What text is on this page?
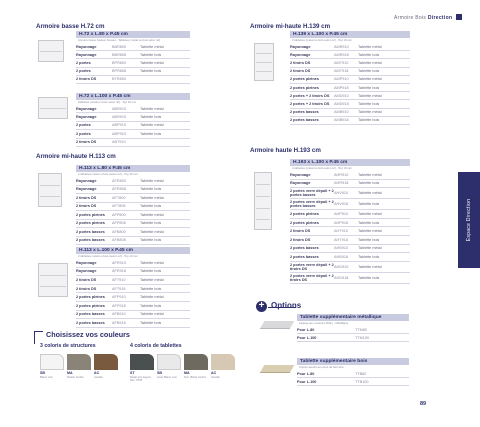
Armoire Bois Direction
Armoire basse H.72 cm
Armoire mi-haute H.113 cm
Armoire mi-haute H.139 cm
Armoire haute H.193 cm
H.72 x L.80 x P.45 cm
Armoire basse hauteur bureau - Tablettes (métal ou bois selon ref)
Rayonnage	BBR800	Tablette métal
Rayonnage	BBR808	Tablette bois
2 portes	BPR800	Tablette métal
2 portes	BPR808	Tablette bois
2 tiroirs DS	BTR800
H.72 x L.100 x P.45 cm
Tablettes (métal ou bois selon ref) - Top 19 mm
Rayonnage	ABR910	Tablette métal
Rayonnage	ABR910	Tablette bois
2 portes	ABP910	Tablette métal
2 portes	ABP910	Tablette bois
2 tiroirs DS	ABT910
H.113 x L.80 x P.45 cm
2 tablettes métal ou bois (selon ref) - Top 19 mm
Rayonnage	AFR800	Tablette métal
Rayonnage	AFR808	Tablette bois
2 tiroirs DS	AFT800	Tablette métal
2 tiroirs DS	AFT808	Tablette bois
2 portes pleines	AFP800	Tablette métal
2 portes pleines	AFP808	Tablette bois
2 portes basses	AFB800	Tablette métal
2 portes basses	AFB808	Tablette bois
H.113 x L.100 x P.45 cm
2 tablettes métal ou bois (selon ref) - Top 19 mm
Rayonnage	AFR910	Tablette métal
Rayonnage	AFR918	Tablette bois
2 tiroirs DS	AFT910	Tablette métal
2 tiroirs DS	AFT918	Tablette bois
2 portes pleines	AFP910	Tablette métal
2 portes pleines	AFP918	Tablette bois
2 portes basses	AFB910	Tablette métal
2 portes basses	AFB918	Tablette bois
H.139 x L.100 x P.45 cm
3 tablettes (métal ou bois selon ref) - Top 19 mm
Rayonnage	AMR910	Tablette métal
Rayonnage	AMR918	Tablette bois
2 tiroirs DS	AMT910	Tablette métal
2 tiroirs DS	AMT918	Tablette bois
2 portes pleines	AMP910	Tablette métal
2 portes pleines	AMP918	Tablette bois
2 portes + 2 tiroirs DS	AMD910	Tablette métal
2 portes + 2 tiroirs DS	AMD918	Tablette bois
2 portes basses	AMB910	Tablette métal
2 portes basses	AMB918	Tablette bois
H.193 x L.100 x P.45 cm
4 tablettes (métal ou bois selon ref) - Top 19 mm
Rayonnage	AHR910	Tablette métal
Rayonnage	AHR918	Tablette bois
2 portes verre dépoli + 2 portes basses	AHV910	Tablette métal
2 portes verre dépoli + 2 portes basses	AHV918	Tablette bois
2 portes pleines	AHP910	Tablette métal
2 portes pleines	AHP918	Tablette bois
2 tiroirs DS	AHT910	Tablette métal
2 tiroirs DS	AHT918	Tablette bois
2 portes basses	AHB910	Tablette métal
2 portes basses	AHB918	Tablette bois
2 portes verre dépoli + 2 tiroirs DS	AHD910	Tablette métal
2 portes verre dépoli + 2 tiroirs DS	AHD918	Tablette bois
Espace Direction
Choisissez vos couleurs
3 coloris de structures	4 coloris de tablettes
SB	MA	AC
Blanc mat	Mastic ambré	Acadia
ST	SB	MA	AC
Métal gris Argent Ref: 7035
Acier Blanc mat	Noir (Bois) Ambré	Acadia
+ Options
Tablette supplémentaire métallique
Laquée aux couleurs (RAL) - Métallique
Pour L.80	TTM80
Pour L.100	TTM100
Tablette supplémentaire bois
Coloris assorti au corps de l'armoire
Pour L.80	TTB80
Pour L.100	TTB100
89
